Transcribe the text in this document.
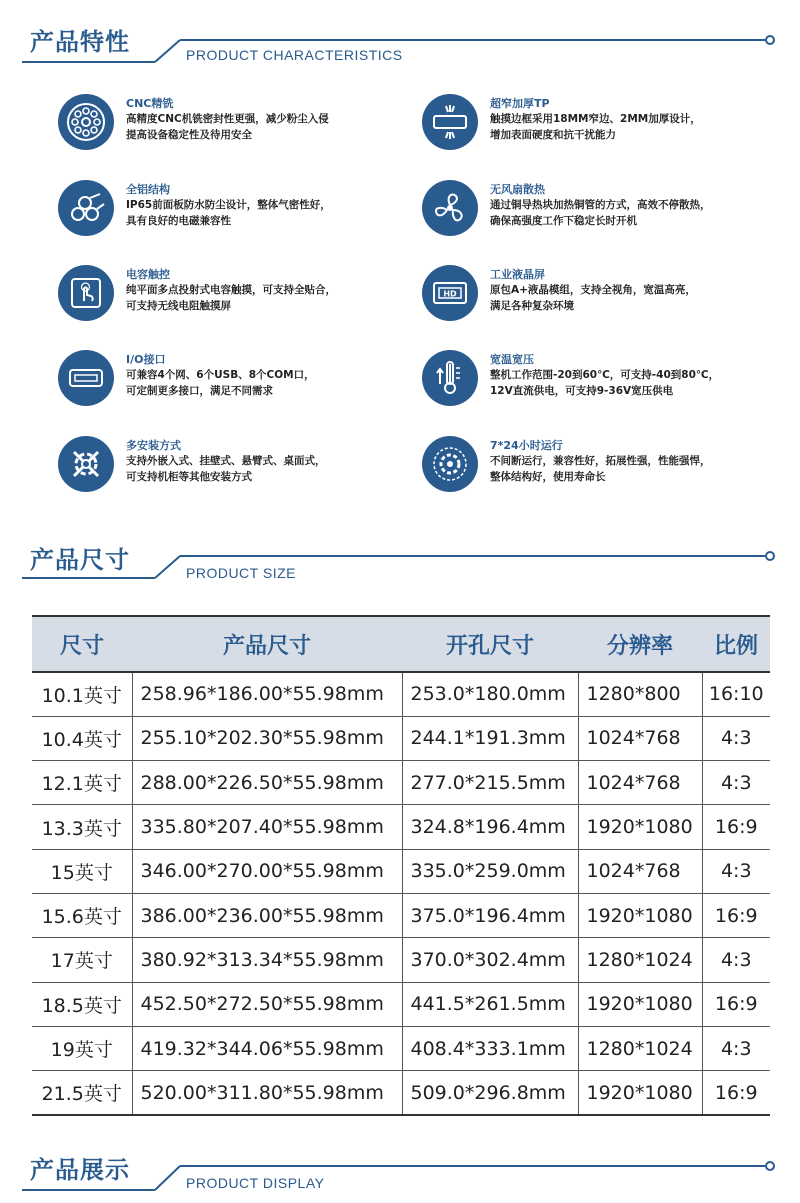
产品特性	PRODUCT CHARACTERISTICS
CNC精铣
高精度CNC机铣密封性更强，减少粉尘入侵
提高设备稳定性及待用安全
超窄加厚TP
触摸边框采用18MM窄边、2MM加厚设计，
增加表面硬度和抗干扰能力
全铝结构
IP65前面板防水防尘设计，整体气密性好，
具有良好的电磁兼容性
无风扇散热
通过铜导热块加热铜管的方式，高效不停散热，
确保高强度工作下稳定长时开机
电容触控
纯平面多点投射式电容触摸，可支持全贴合，
可支持无线电阻触摸屏
HD
工业液晶屏
原包A+液晶模组，支持全视角，宽温高亮，
满足各种复杂环境
I/O接口
可兼容4个网、6个USB、8个COM口，
可定制更多接口，满足不同需求
宽温宽压
整机工作范围-20到60℃，可支持-40到80℃，
12V直流供电，可支持9-36V宽压供电
多安装方式
支持外嵌入式、挂壁式、悬臂式、桌面式，
可支持机柜等其他安装方式
7*24小时运行
不间断运行，兼容性好，拓展性强，性能强悍，
整体结构好，使用寿命长
产品尺寸	PRODUCT SIZE
尺寸	产品尺寸	开孔尺寸	分辨率	比例
10.1英寸	258.96*186.00*55.98mm	253.0*180.0mm	1280*800	16:10
10.4英寸	255.10*202.30*55.98mm	244.1*191.3mm	1024*768	4:3
12.1英寸	288.00*226.50*55.98mm	277.0*215.5mm	1024*768	4:3
13.3英寸	335.80*207.40*55.98mm	324.8*196.4mm	1920*1080	16:9
15英寸	346.00*270.00*55.98mm	335.0*259.0mm	1024*768	4:3
15.6英寸	386.00*236.00*55.98mm	375.0*196.4mm	1920*1080	16:9
17英寸	380.92*313.34*55.98mm	370.0*302.4mm	1280*1024	4:3
18.5英寸	452.50*272.50*55.98mm	441.5*261.5mm	1920*1080	16:9
19英寸	419.32*344.06*55.98mm	408.4*333.1mm	1280*1024	4:3
21.5英寸	520.00*311.80*55.98mm	509.0*296.8mm	1920*1080	16:9
产品展示	PRODUCT DISPLAY
